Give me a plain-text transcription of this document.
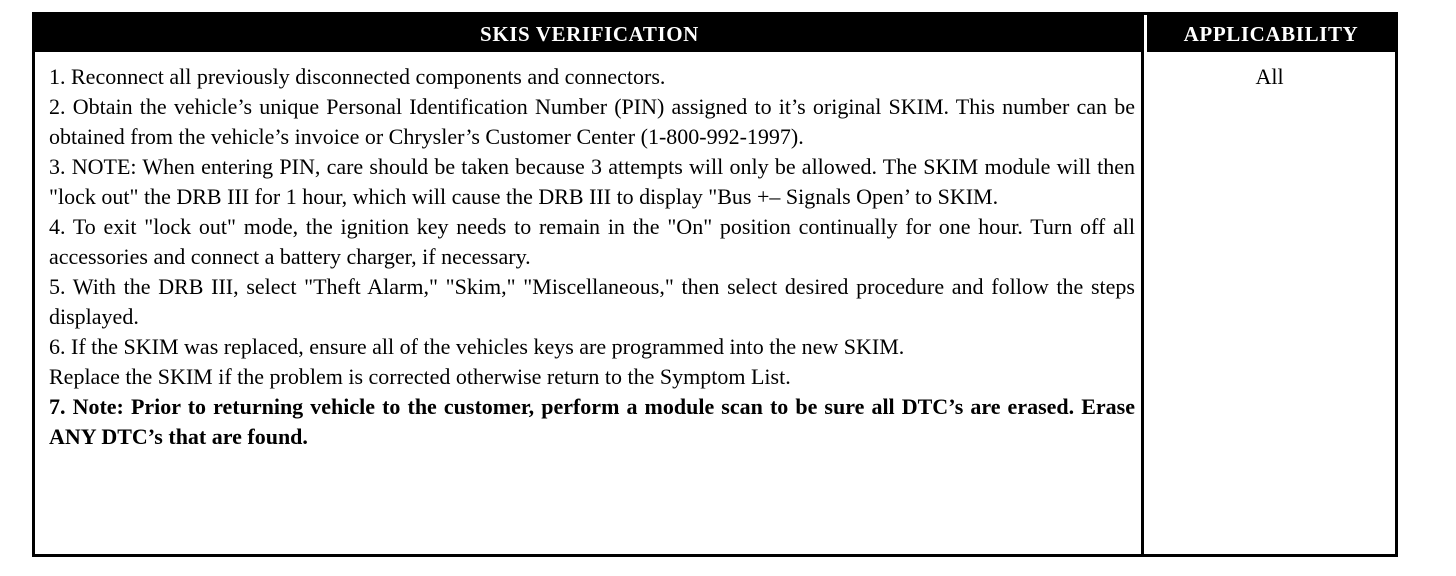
SKIS VERIFICATION	APPLICABILITY

1. Reconnect all previously disconnected components and connectors.

2. Obtain the vehicle’s unique Personal Identification Number (PIN) assigned to it’s original SKIM. This number can be obtained from the vehicle’s invoice or Chrysler’s Customer Center (1-800-992-1997).

3. NOTE: When entering PIN, care should be taken because 3 attempts will only be allowed. The SKIM module will then "lock out" the DRB III for 1 hour, which will cause the DRB III to display "Bus +– Signals Open’ to SKIM.

4. To exit "lock out" mode, the ignition key needs to remain in the "On" position continually for one hour. Turn off all accessories and connect a battery charger, if necessary.

5. With the DRB III, select "Theft Alarm," "Skim," "Miscellaneous," then select desired procedure and follow the steps displayed.

6. If the SKIM was replaced, ensure all of the vehicles keys are programmed into the new SKIM.

Replace the SKIM if the problem is corrected otherwise return to the Symptom List.

7. Note: Prior to returning vehicle to the customer, perform a module scan to be sure all DTC’s are erased. Erase ANY DTC’s that are found.

All
